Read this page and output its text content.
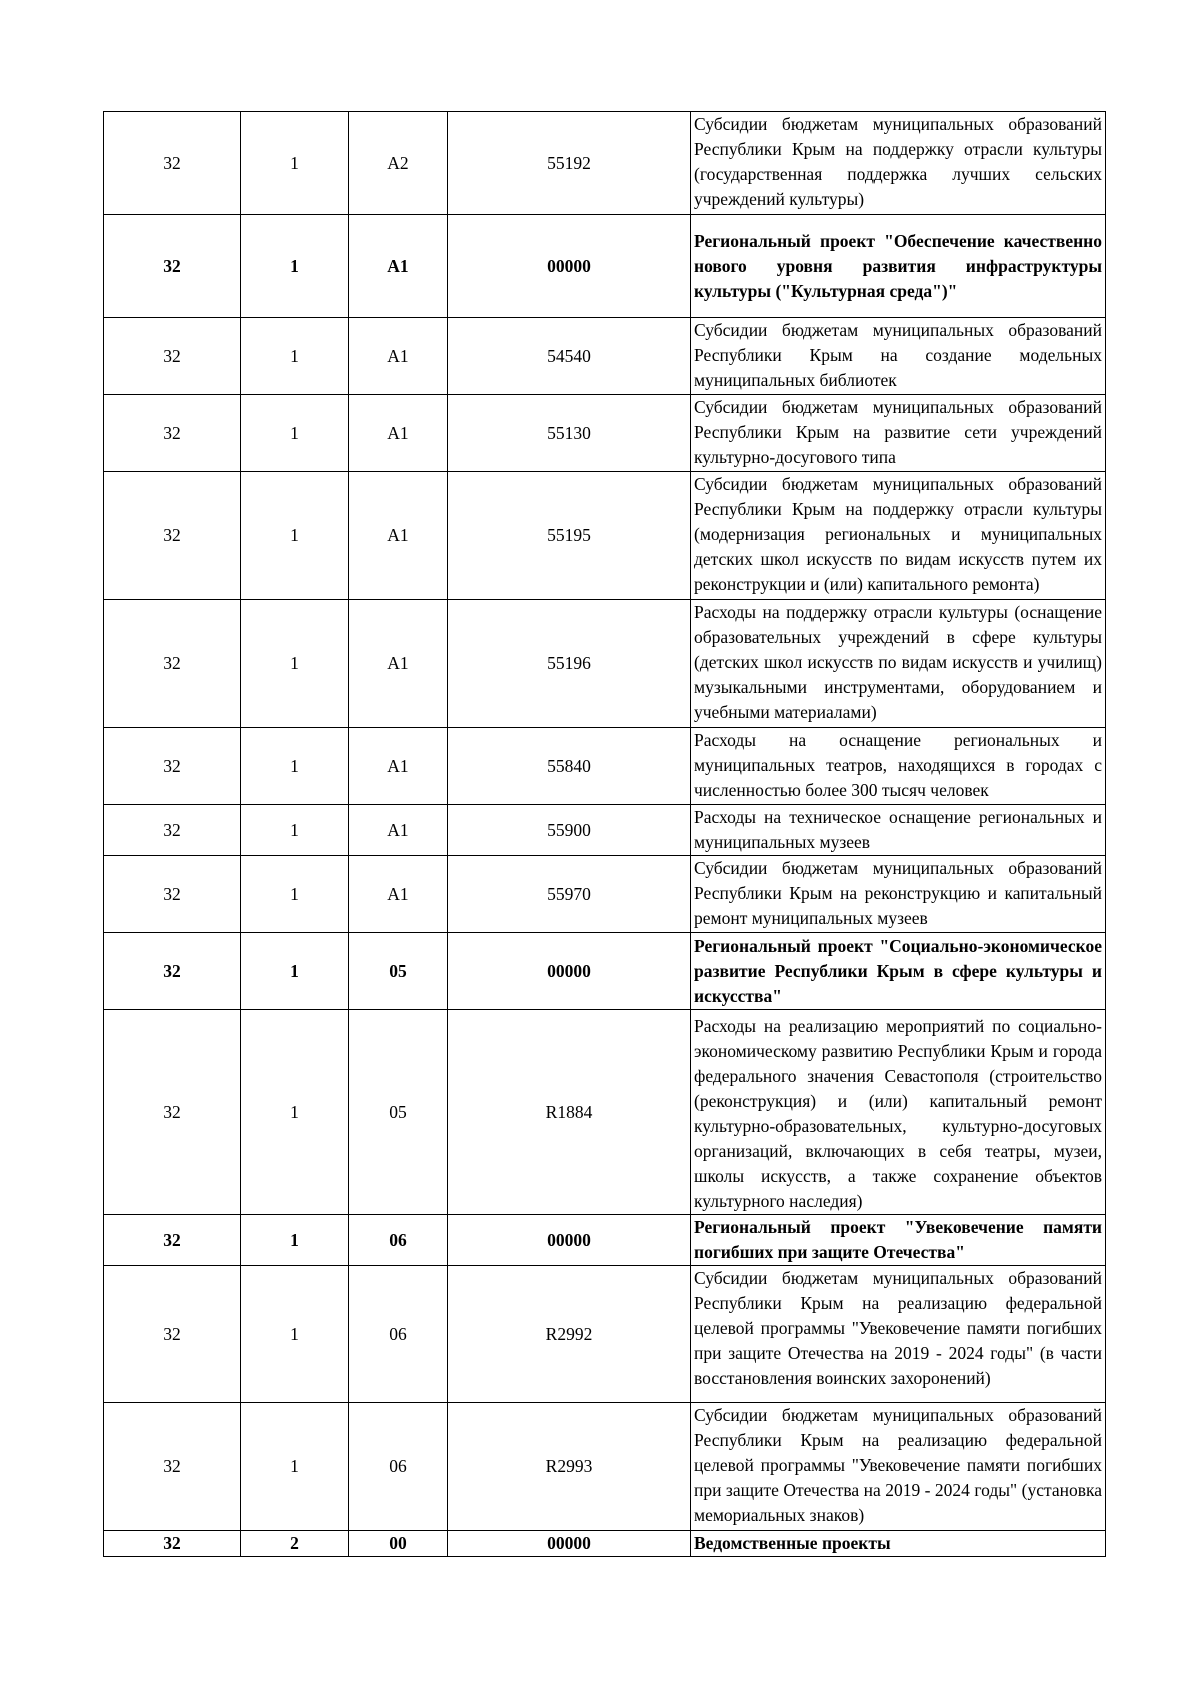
32	1	А2	55192	Субсидии бюджетам муниципальных образований Республики Крым на поддержку отрасли культуры (государственная поддержка лучших сельских учреждений культуры)
32	1	А1	00000	Региональный проект "Обеспечение качественно нового уровня развития инфраструктуры культуры ("Культурная среда")"
32	1	А1	54540	Субсидии бюджетам муниципальных образований Республики Крым на создание модельных муниципальных библиотек
32	1	А1	55130	Субсидии бюджетам муниципальных образований Республики Крым на развитие сети учреждений культурно-досугового типа
32	1	А1	55195	Субсидии бюджетам муниципальных образований Республики Крым на поддержку отрасли культуры (модернизация региональных и муниципальных детских школ искусств по видам искусств путем их реконструкции и (или) капитального ремонта)
32	1	А1	55196	Расходы на поддержку отрасли культуры (оснащение образовательных учреждений в сфере культуры (детских школ искусств по видам искусств и училищ) музыкальными инструментами, оборудованием и учебными материалами)
32	1	А1	55840	Расходы на оснащение региональных и муниципальных театров, находящихся в городах с численностью более 300 тысяч человек
32	1	А1	55900	Расходы на техническое оснащение региональных и муниципальных музеев
32	1	А1	55970	Субсидии бюджетам муниципальных образований Республики Крым на реконструкцию и капитальный ремонт муниципальных музеев
32	1	05	00000	Региональный проект "Социально-экономическое развитие Республики Крым в сфере культуры и искусства"
32	1	05	R1884	Расходы на реализацию мероприятий по социально-экономическому развитию Республики Крым и города федерального значения Севастополя (строительство (реконструкция) и (или) капитальный ремонт культурно-образовательных, культурно-досуговых организаций, включающих в себя театры, музеи, школы искусств, а также сохранение объектов культурного наследия)
32	1	06	00000	Региональный проект "Увековечение памяти погибших при защите Отечества"
32	1	06	R2992	Субсидии бюджетам муниципальных образований Республики Крым на реализацию федеральной целевой программы "Увековечение памяти погибших при защите Отечества на 2019 - 2024 годы" (в части восстановления воинских захоронений)
32	1	06	R2993	Субсидии бюджетам муниципальных образований Республики Крым на реализацию федеральной целевой программы "Увековечение памяти погибших при защите Отечества на 2019 - 2024 годы" (установка мемориальных знаков)
32	2	00	00000	Ведомственные проекты
